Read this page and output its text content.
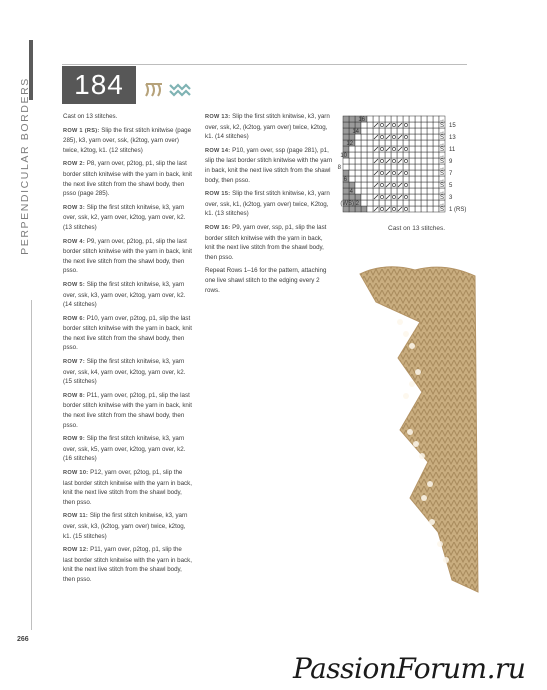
PERPENDICULAR BORDERS	184

Cast on 13 stitches.

ROW 1 (RS): Slip the first stitch knitwise (page 285), k3, yarn over, ssk, (k2tog, yarn over) twice, k2tog, k1. (12 stitches)

ROW 2: P8, yarn over, p2tog, p1, slip the last border stitch knitwise with the yarn in back, knit the next live stitch from the shawl body, then psso (page 285).

ROW 3: Slip the first stitch knitwise, k3, yarn over, ssk, k2, yarn over, k2tog, yarn over, k2. (13 stitches)

ROW 4: P9, yarn over, p2tog, p1, slip the last border stitch knitwise with the yarn in back, knit the next live stitch from the shawl body, then psso.

ROW 5: Slip the first stitch knitwise, k3, yarn over, ssk, k3, yarn over, k2tog, yarn over, k2. (14 stitches)

ROW 6: P10, yarn over, p2tog, p1, slip the last border stitch knitwise with the yarn in back, knit the next live stitch from the shawl body, then psso.

ROW 7: Slip the first stitch knitwise, k3, yarn over, ssk, k4, yarn over, k2tog, yarn over, k2. (15 stitches)

ROW 8: P11, yarn over, p2tog, p1, slip the last border stitch knitwise with the yarn in back, knit the next live stitch from the shawl body, then psso.

ROW 9: Slip the first stitch knitwise, k3, yarn over, ssk, k5, yarn over, k2tog, yarn over, k2. (16 stitches)

ROW 10: P12, yarn over, p2tog, p1, slip the last border stitch knitwise with the yarn in back, knit the next live stitch from the shawl body, then psso.

ROW 11: Slip the first stitch knitwise, k3, yarn over, ssk, k3, (k2tog, yarn over) twice, k2tog, k1. (15 stitches)

ROW 12: P11, yarn over, p2tog, p1, slip the last border stitch knitwise with the yarn in back, knit the next live stitch from the shawl body, then psso.

ROW 13: Slip the first stitch knitwise, k3, yarn over, ssk, k2, (k2tog, yarn over) twice, k2tog, k1. (14 stitches)

ROW 14: P10, yarn over, ssp (page 281), p1, slip the last border stitch knitwise with the yarn in back, knit the next live stitch from the shawl body, then psso.

ROW 15: Slip the first stitch knitwise, k3, yarn over, ssk, k1, (k2tog, yarn over) twice, K2tog, k1. (13 stitches)

ROW 16: P9, yarn over, ssp, p1, slip the last border stitch knitwise with the yarn in back, knit the next live stitch from the shawl body, then psso.

Repeat Rows 1–16 for the pattern, attaching one live shawl stitch to the edging every 2 rows.

S
→
S
→
S
→
S
→
S
→
S
→
S
→
S
→
16
14
12
10
8
6
4
(WS) 2
15
13
11
9
7
5
3
1 (RS)
Cast on 13 stitches.
266
PassionForum.ru
